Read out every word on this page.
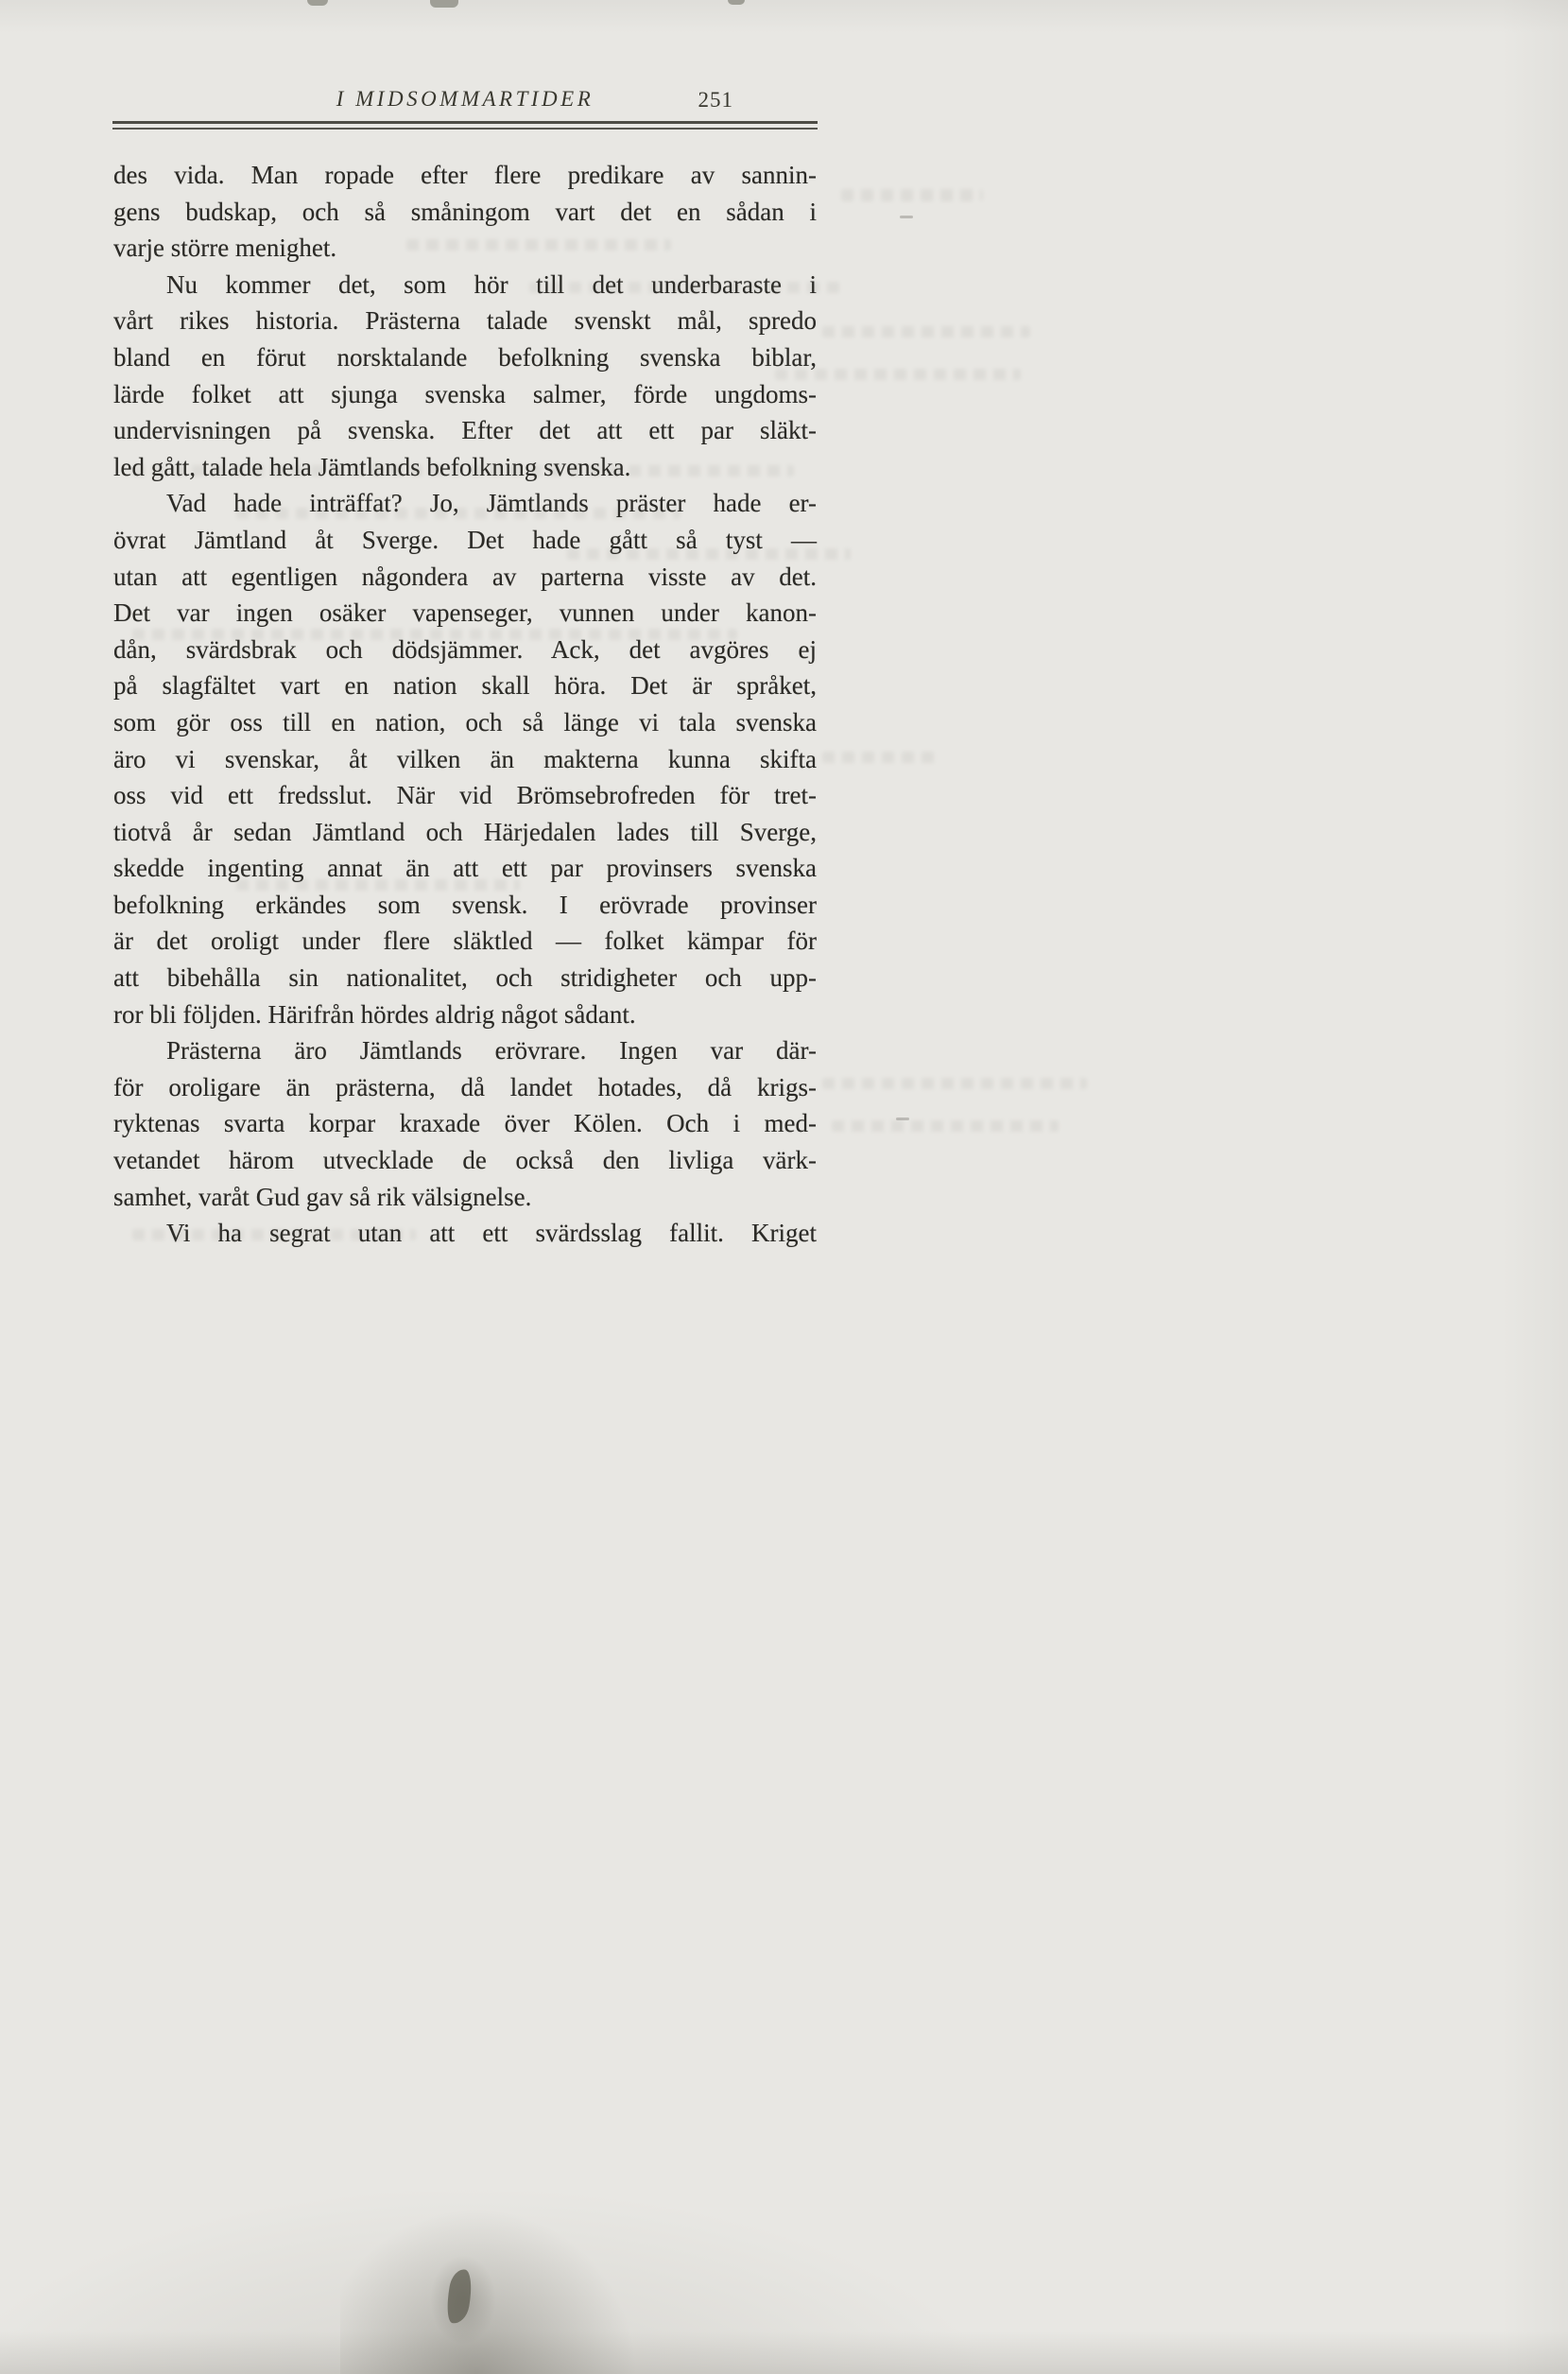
I MIDSOMMARTIDER	251
des vida. Man ropade efter flere predikare av sannin-
gens budskap, och så småningom vart det en sådan i
varje större menighet.
Nu kommer det, som hör till det underbaraste i
vårt rikes historia. Prästerna talade svenskt mål, spredo
bland en förut norsktalande befolkning svenska biblar,
lärde folket att sjunga svenska salmer, förde ungdoms-
undervisningen på svenska. Efter det att ett par släkt-
led gått, talade hela Jämtlands befolkning svenska.
Vad hade inträffat? Jo, Jämtlands präster hade er-
övrat Jämtland åt Sverge. Det hade gått så tyst —
utan att egentligen någondera av parterna visste av det.
Det var ingen osäker vapenseger, vunnen under kanon-
dån, svärdsbrak och dödsjämmer. Ack, det avgöres ej
på slagfältet vart en nation skall höra. Det är språket,
som gör oss till en nation, och så länge vi tala svenska
äro vi svenskar, åt vilken än makterna kunna skifta
oss vid ett fredsslut. När vid Brömsebrofreden för tret-
tiotvå år sedan Jämtland och Härjedalen lades till Sverge,
skedde ingenting annat än att ett par provinsers svenska
befolkning erkändes som svensk. I erövrade provinser
är det oroligt under flere släktled — folket kämpar för
att bibehålla sin nationalitet, och stridigheter och upp-
ror bli följden. Härifrån hördes aldrig något sådant.
Prästerna äro Jämtlands erövrare. Ingen var där-
för oroligare än prästerna, då landet hotades, då krigs-
ryktenas svarta korpar kraxade över Kölen. Och i med-
vetandet härom utvecklade de också den livliga värk-
samhet, varåt Gud gav så rik välsignelse.
Vi ha segrat utan att ett svärdsslag fallit. Kriget
